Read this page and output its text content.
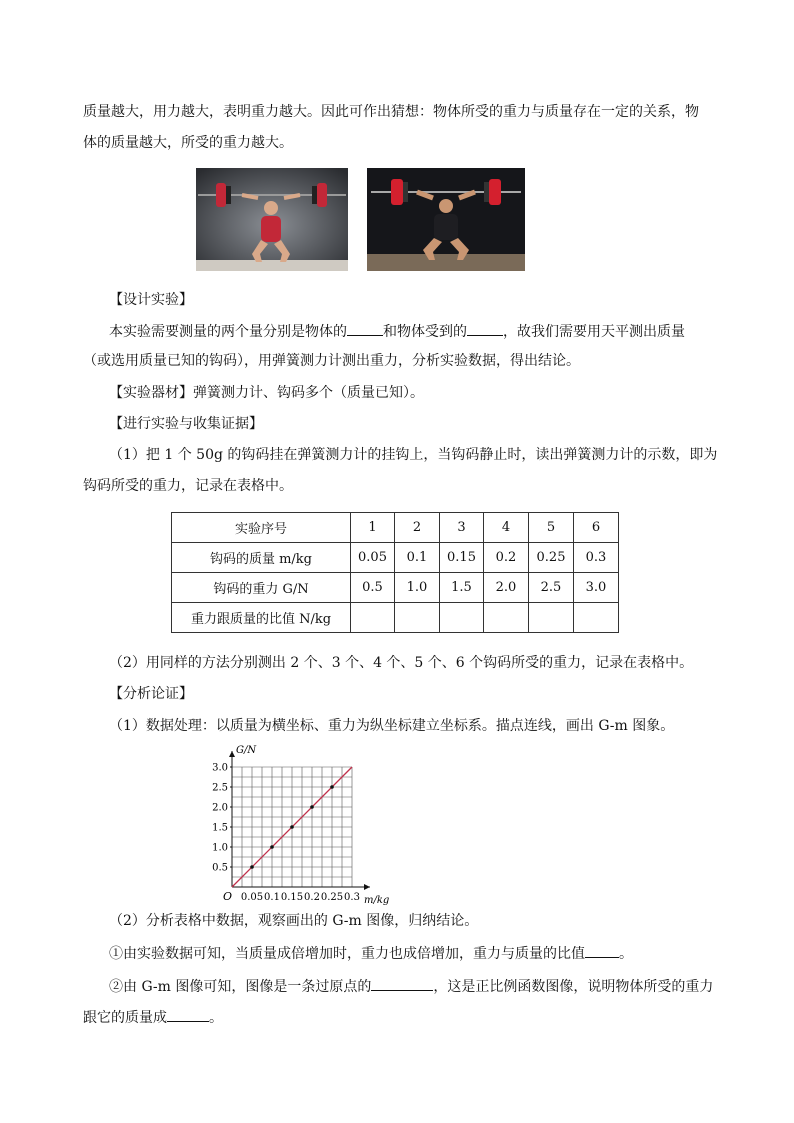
质量越大，用力越大，表明重力越大。因此可作出猜想：物体所受的重力与质量存在一定的关系，物
体的质量越大，所受的重力越大。
【设计实验】
本实验需要测量的两个量分别是物体的	和物体受到的	，故我们需要用天平测出质量
（或选用质量已知的钩码），用弹簧测力计测出重力，分析实验数据，得出结论。
【实验器材】弹簧测力计、钩码多个（质量已知）。
【进行实验与收集证据】
（1）把 1 个 50g 的钩码挂在弹簧测力计的挂钩上，当钩码静止时，读出弹簧测力计的示数，即为
钩码所受的重力，记录在表格中。
实验序号	1	2	3	4	5	6
钩码的质量 m/kg	0.05	0.1	0.15	0.2	0.25	0.3
钩码的重力 G/N	0.5	1.0	1.5	2.0	2.5	3.0
重力跟质量的比值 N/kg						
（2）用同样的方法分别测出 2 个、3 个、4 个、5 个、6 个钩码所受的重力，记录在表格中。
【分析论证】
（1）数据处理：以质量为横坐标、重力为纵坐标建立坐标系。描点连线，画出 G-m 图象。
0.05 0.1 0.15 0.2 0.25 0.3
0.5
1.0
1.5
2.0
2.5
3.0
O	m/kg
G/N
（2）分析表格中数据，观察画出的 G-m 图像，归纳结论。
①由实验数据可知，当质量成倍增加时，重力也成倍增加，重力与质量的比值 。
②由 G-m 图像可知，图像是一条过原点的	，这是正比例函数图像，说明物体所受的重力
跟它的质量成	。
